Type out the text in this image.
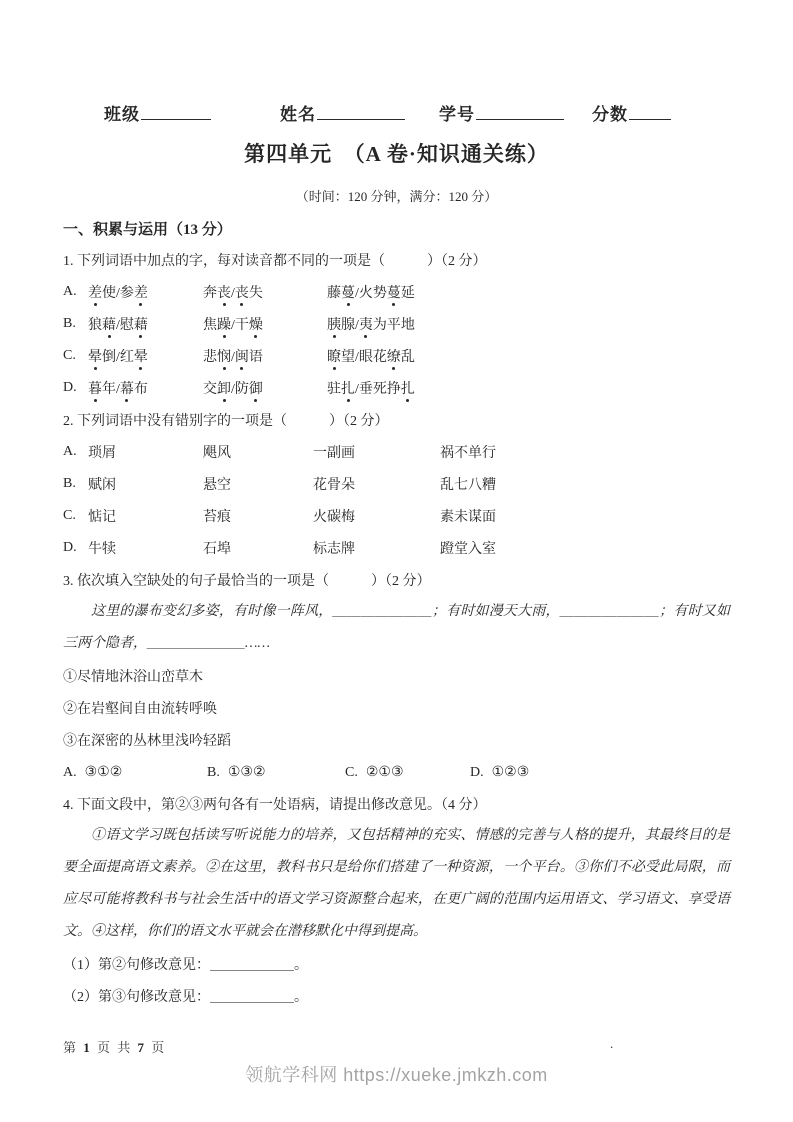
班级	姓名	学号	分数
第四单元　（A 卷·知识通关练）
（时间：120 分钟，满分：120 分）
一、积累与运用（13 分）
1. 下列词语中加点的字，每对读音都不同的一项是（　　　）（2 分）
A. 差使/参差	奔丧/丧失	藤蔓/火势蔓延
B. 狼藉/慰藉	焦躁/干燥	胰腺/夷为平地
C. 晕倒/红晕	悲悯/闽语	瞭望/眼花缭乱
D. 暮年/幕布	交卸/防御	驻扎/垂死挣扎
2. 下列词语中没有错别字的一项是（　　　）（2 分）
A. 琐屑	飓风	一副画	祸不单行
B. 赋闲	悬空	花骨朵	乱七八糟
C. 惦记	苔痕	火碳梅	素未谋面
D. 牛犊	石埠	标志牌	蹬堂入室
3. 依次填入空缺处的句子最恰当的一项是（　　　）（2 分）
这里的瀑布变幻多姿，有时像一阵风，＿＿＿＿＿＿＿；有时如漫天大雨，＿＿＿＿＿＿＿；有时又如三两个隐者，＿＿＿＿＿＿＿……
①尽情地沐浴山峦草木
②在岩壑间自由流转呼唤
③在深密的丛林里浅吟轻蹈
A. ③①②	B. ①③②	C. ②①③	D. ①②③
4. 下面文段中，第②③两句各有一处语病，请提出修改意见。（4 分）
①语文学习既包括读写听说能力的培养，又包括精神的充实、情感的完善与人格的提升，其最终目的是要全面提高语文素养。②在这里，教科书只是给你们搭建了一种资源，一个平台。③你们不必受此局限，而应尽可能将教科书与社会生活中的语文学习资源整合起来，在更广阔的范围内运用语文、学习语文、享受语文。④这样，你们的语文水平就会在潜移默化中得到提高。
（1）第②句修改意见：＿＿＿＿＿＿。
（2）第③句修改意见：＿＿＿＿＿＿。
第 1 页 共 7 页	.
领航学科网 https://xueke.jmkzh.com
